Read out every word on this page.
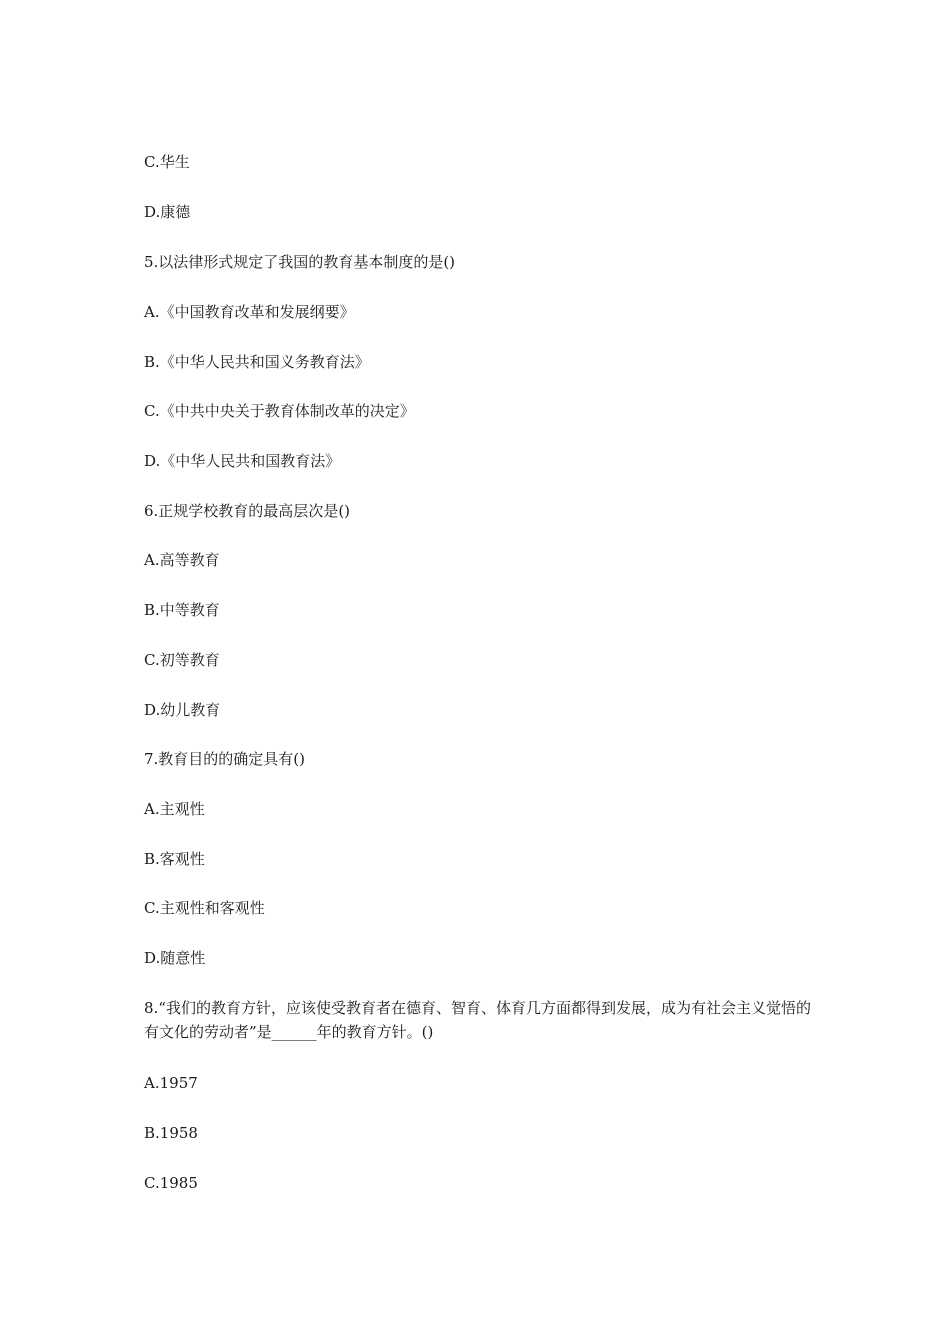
C.华生
D.康德
5.以法律形式规定了我国的教育基本制度的是()
A.《中国教育改革和发展纲要》
B.《中华人民共和国义务教育法》
C.《中共中央关于教育体制改革的决定》
D.《中华人民共和国教育法》
6.正规学校教育的最高层次是()
A.高等教育
B.中等教育
C.初等教育
D.幼儿教育
7.教育目的的确定具有()
A.主观性
B.客观性
C.主观性和客观性
D.随意性
8.“我们的教育方针，应该使受教育者在德育、智育、体育几方面都得到发展，成为有社会主义觉悟的有文化的劳动者”是______年的教育方针。()
A.1957
B.1958
C.1985
